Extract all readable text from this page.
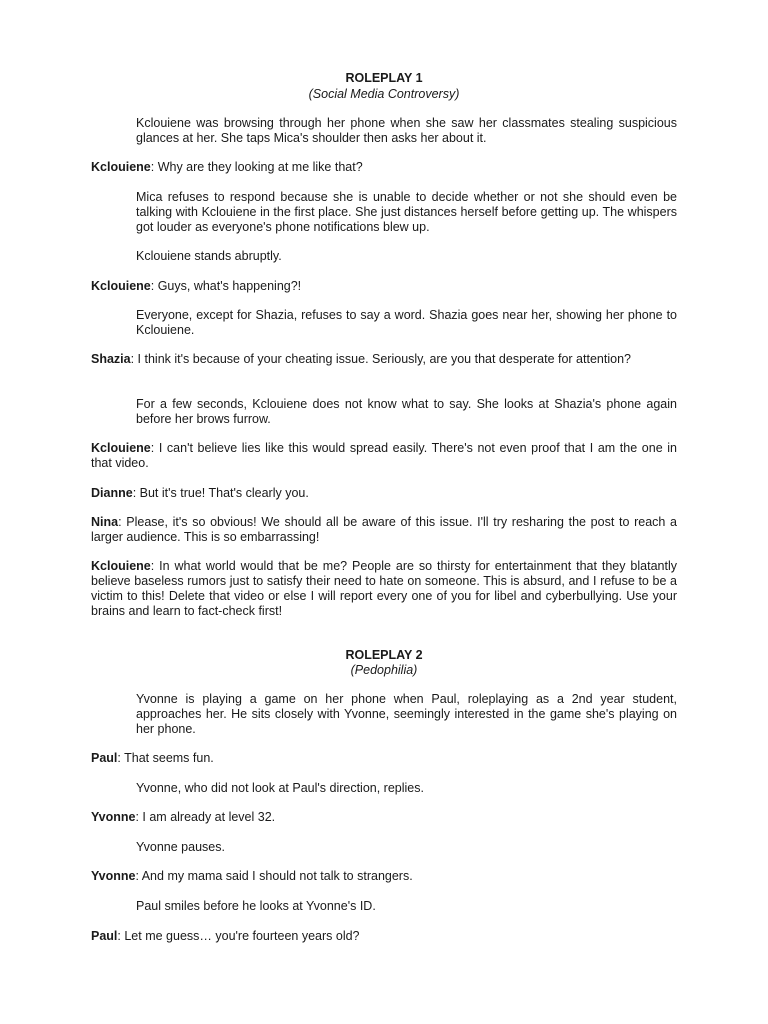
ROLEPLAY 1
(Social Media Controversy)

Kclouiene was browsing through her phone when she saw her classmates stealing suspicious glances at her. She taps Mica's shoulder then asks her about it.

Kclouiene: Why are they looking at me like that?

Mica refuses to respond because she is unable to decide whether or not she should even be talking with Kclouiene in the first place. She just distances herself before getting up. The whispers got louder as everyone's phone notifications blew up.

Kclouiene stands abruptly.

Kclouiene: Guys, what's happening?!

Everyone, except for Shazia, refuses to say a word. Shazia goes near her, showing her phone to Kclouiene.

Shazia: I think it's because of your cheating issue. Seriously, are you that desperate for attention?

For a few seconds, Kclouiene does not know what to say. She looks at Shazia's phone again before her brows furrow.

Kclouiene: I can't believe lies like this would spread easily. There's not even proof that I am the one in that video.

Dianne: But it's true! That's clearly you.

Nina: Please, it's so obvious! We should all be aware of this issue. I'll try resharing the post to reach a larger audience. This is so embarrassing!

Kclouiene: In what world would that be me? People are so thirsty for entertainment that they blatantly believe baseless rumors just to satisfy their need to hate on someone. This is absurd, and I refuse to be a victim to this! Delete that video or else I will report every one of you for libel and cyberbullying. Use your brains and learn to fact-check first!

ROLEPLAY 2
(Pedophilia)

Yvonne is playing a game on her phone when Paul, roleplaying as a 2nd year student, approaches her. He sits closely with Yvonne, seemingly interested in the game she's playing on her phone.

Paul: That seems fun.

Yvonne, who did not look at Paul's direction, replies.

Yvonne: I am already at level 32.

Yvonne pauses.

Yvonne: And my mama said I should not talk to strangers.

Paul smiles before he looks at Yvonne's ID.

Paul: Let me guess… you're fourteen years old?
